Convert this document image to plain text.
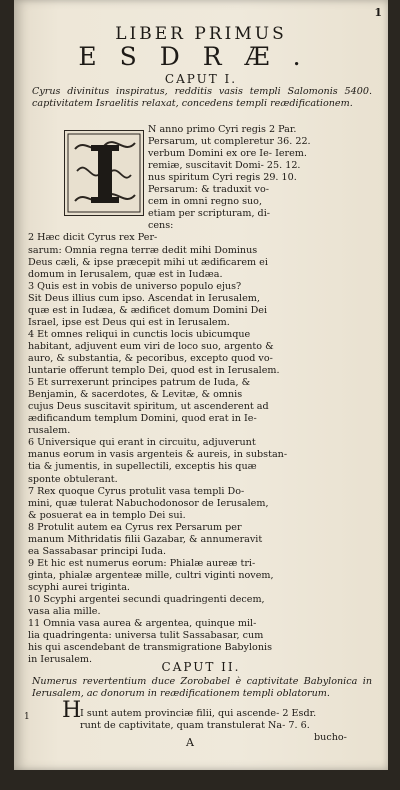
1
LIBER PRIMUS
ESDRÆ.
CAPUT I.
Cyrus divinitus inspiratus, redditis vasis templi Salomonis 5400. captivitatem Israelitis relaxat, concedens templi reædificationem.
N anno primo Cyri regis 2 Par.
Persarum, ut compleretur 36. 22.
verbum Domini ex ore Ie- Ierem.
remiæ, suscitavit Domi- 25. 12.
nus spiritum Cyri regis 29. 10.
Persarum: & traduxit vo-
cem in omni regno suo,
etiam per scripturam, di-
cens:
2 Hæc dicit Cyrus rex Per-
sarum: Omnia regna terræ dedit mihi Dominus
Deus cæli, & ipse præcepit mihi ut ædificarem ei
domum in Ierusalem, quæ est in Iudæa.
3 Quis est in vobis de universo populo ejus?
Sit Deus illius cum ipso. Ascendat in Ierusalem,
quæ est in Iudæa, & ædificet domum Domini Dei
Israel, ipse est Deus qui est in Ierusalem.
4 Et omnes reliqui in cunctis locis ubicumque
habitant, adjuvent eum viri de loco suo, argento &
auro, & substantia, & pecoribus, excepto quod vo-
luntarie offerunt templo Dei, quod est in Ierusalem.
5 Et surrexerunt principes patrum de Iuda, &
Benjamin, & sacerdotes, & Levitæ, & omnis
cujus Deus suscitavit spiritum, ut ascenderent ad
ædificandum templum Domini, quod erat in Ie-
rusalem.
6 Universique qui erant in circuitu, adjuverunt
manus eorum in vasis argenteis & aureis, in substan-
tia & jumentis, in supellectili, exceptis his quæ
sponte obtulerant.
7 Rex quoque Cyrus protulit vasa templi Do-
mini, quæ tulerat Nabuchodonosor de Ierusalem,
& posuerat ea in templo Dei sui.
8 Protulit autem ea Cyrus rex Persarum per
manum Mithridatis filii Gazabar, & annumeravit
ea Sassabasar principi Iuda.
9 Et hic est numerus eorum: Phialæ aureæ tri-
ginta, phialæ argenteæ mille, cultri viginti novem,
scyphi aurei triginta.
10 Scyphi argentei secundi quadringenti decem,
vasa alia mille.
11 Omnia vasa aurea & argentea, quinque mil-
lia quadringenta: universa tulit Sassabasar, cum
his qui ascendebant de transmigratione Babylonis
in Ierusalem.
CAPUT II.
Numerus revertentium duce Zorobabel è captivitate Babylonica in Ierusalem, ac donorum in reædificationem templi oblatorum.
1 H
I sunt autem provinciæ filii, qui ascende- 2 Esdr.
runt de captivitate, quam transtulerat Na- 7. 6.
bucho-
A
